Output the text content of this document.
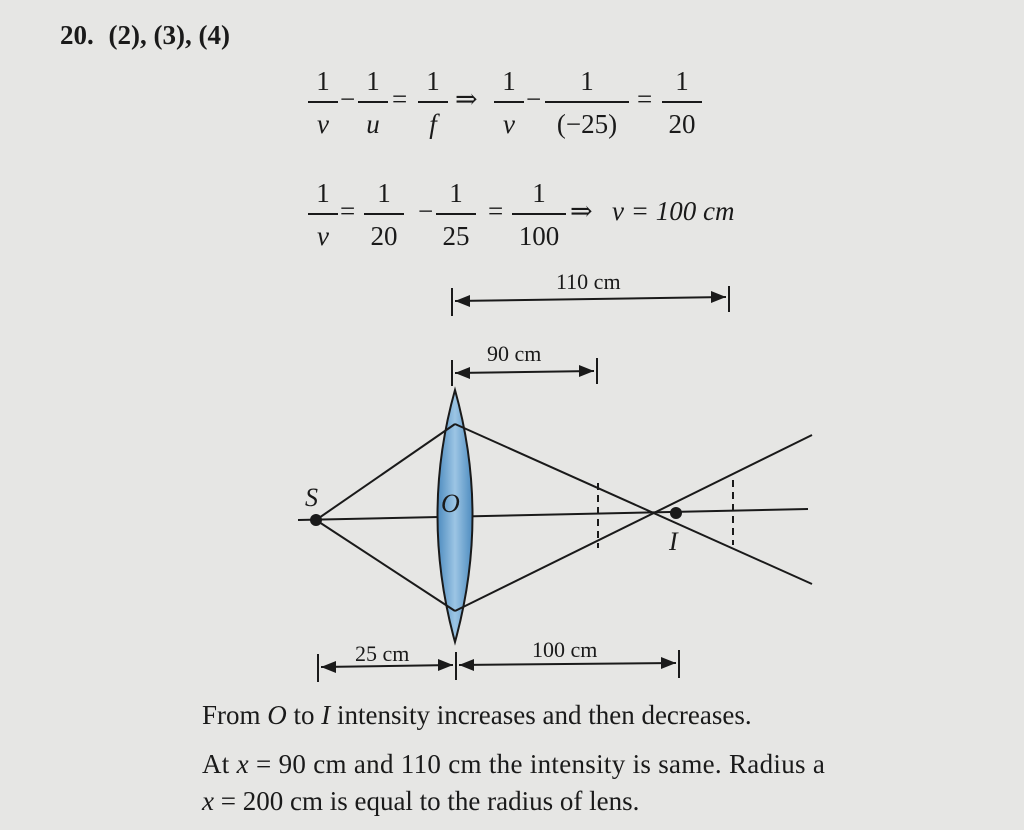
20. (2), (3), (4)
$\frac{1}{v} - \frac{1}{u} = \frac{1}{f}$ ⇒ $\frac{1}{v} - \frac{1}{(-25)} = \frac{1}{20}$
$\frac{1}{v} = \frac{1}{20} - \frac{1}{25} = \frac{1}{100}$ ⇒ v = 100 cm
S	O
I
110 cm
90 cm
25 cm	100 cm
From O to I intensity increases and then decreases.
At x = 90 cm and 110 cm the intensity is same. Radius a
x = 200 cm is equal to the radius of lens.
